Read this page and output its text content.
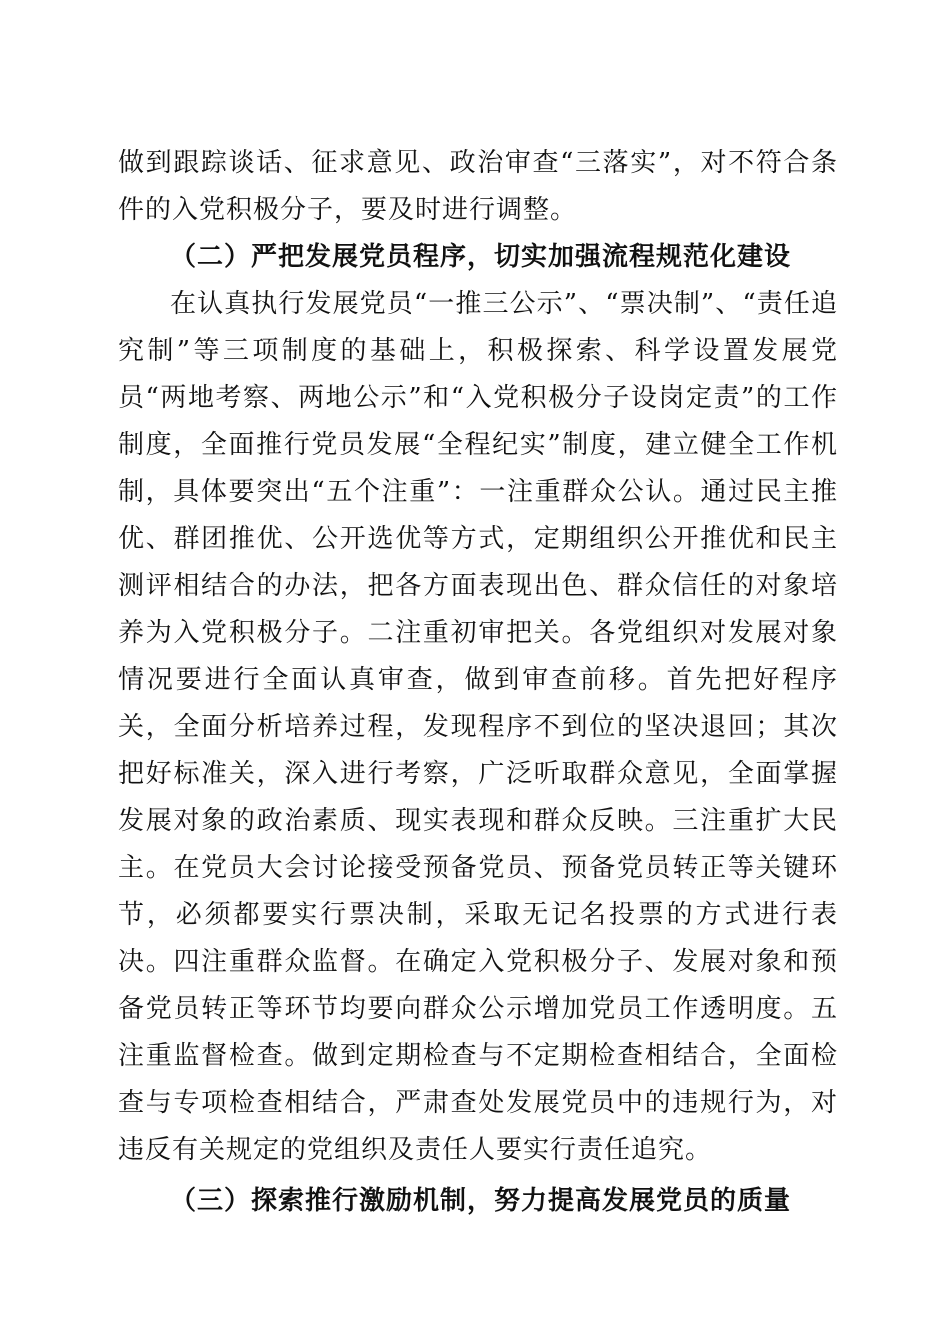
做到跟踪谈话、征求意见、政治审查“三落实”，对不符合条件的入党积极分子，要及时进行调整。

（二）严把发展党员程序，切实加强流程规范化建设

在认真执行发展党员“一推三公示”、“票决制”、“责任追究制”等三项制度的基础上，积极探索、科学设置发展党员“两地考察、两地公示”和“入党积极分子设岗定责”的工作制度，全面推行党员发展“全程纪实”制度，建立健全工作机制，具体要突出“五个注重”：一注重群众公认。通过民主推优、群团推优、公开选优等方式，定期组织公开推优和民主测评相结合的办法，把各方面表现出色、群众信任的对象培养为入党积极分子。二注重初审把关。各党组织对发展对象情况要进行全面认真审查，做到审查前移。首先把好程序关，全面分析培养过程，发现程序不到位的坚决退回；其次把好标准关，深入进行考察，广泛听取群众意见，全面掌握发展对象的政治素质、现实表现和群众反映。三注重扩大民主。在党员大会讨论接受预备党员、预备党员转正等关键环节，必须都要实行票决制，采取无记名投票的方式进行表决。四注重群众监督。在确定入党积极分子、发展对象和预备党员转正等环节均要向群众公示增加党员工作透明度。五注重监督检查。做到定期检查与不定期检查相结合，全面检查与专项检查相结合，严肃查处发展党员中的违规行为，对违反有关规定的党组织及责任人要实行责任追究。

（三）探索推行激励机制，努力提高发展党员的质量
